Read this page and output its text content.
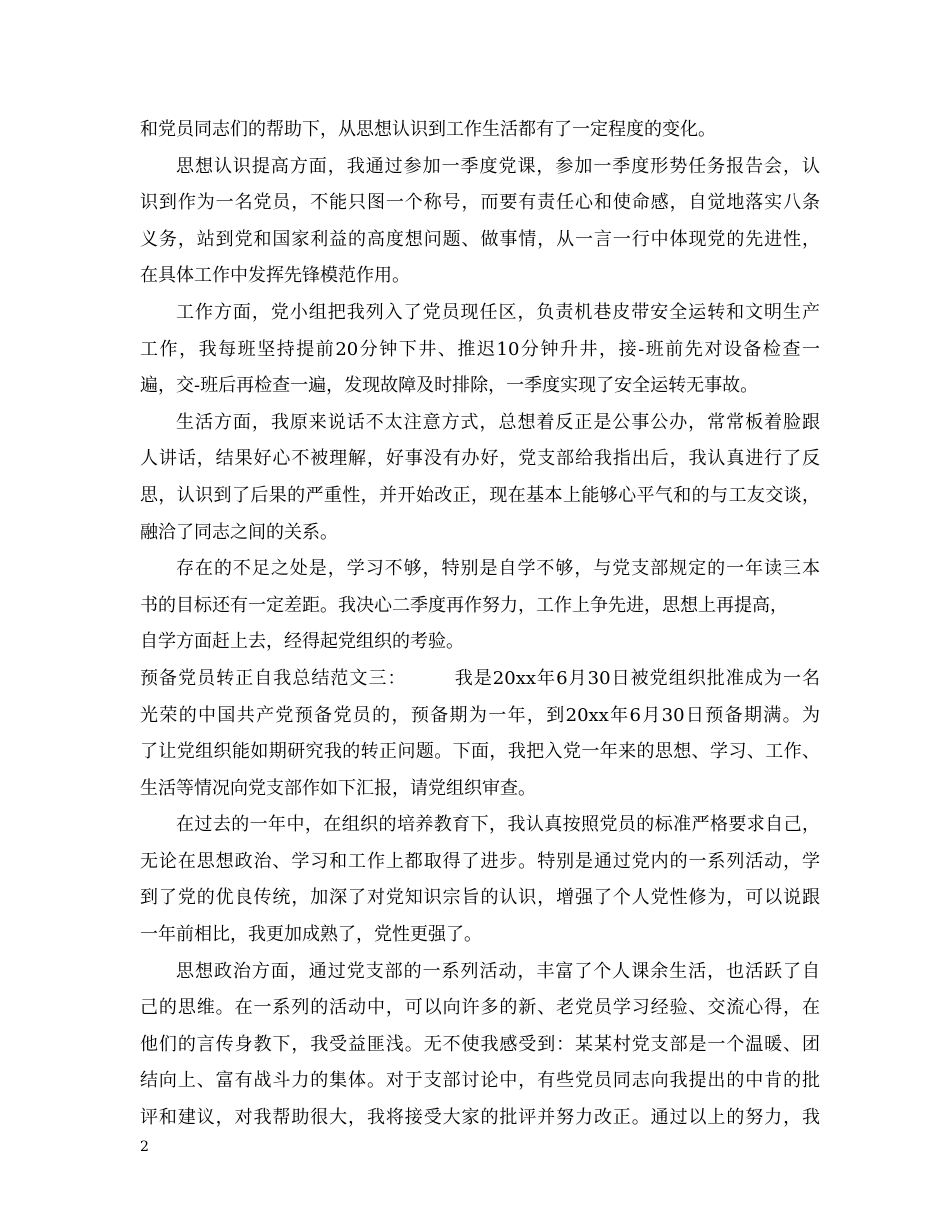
和党员同志们的帮助下，从思想认识到工作生活都有了一定程度的变化。
思想认识提高方面，我通过参加一季度党课，参加一季度形势任务报告会，认
识到作为一名党员，不能只图一个称号，而要有责任心和使命感，自觉地落实八条
义务，站到党和国家利益的高度想问题、做事情，从一言一行中体现党的先进性，
在具体工作中发挥先锋模范作用。
工作方面，党小组把我列入了党员现任区，负责机巷皮带安全运转和文明生产
工作，我每班坚持提前20分钟下井、推迟10分钟升井，接-班前先对设备检查一
遍，交-班后再检查一遍，发现故障及时排除，一季度实现了安全运转无事故。
生活方面，我原来说话不太注意方式，总想着反正是公事公办，常常板着脸跟
人讲话，结果好心不被理解，好事没有办好，党支部给我指出后，我认真进行了反
思，认识到了后果的严重性，并开始改正，现在基本上能够心平气和的与工友交谈，
融洽了同志之间的关系。
存在的不足之处是，学习不够，特别是自学不够，与党支部规定的一年读三本
书的目标还有一定差距。我决心二季度再作努力，工作上争先进，思想上再提高，
自学方面赶上去，经得起党组织的考验。
预备党员转正自我总结范文三：　　　我是20xx年6月30日被党组织批准成为一名
光荣的中国共产党预备党员的，预备期为一年，到20xx年6月30日预备期满。为
了让党组织能如期研究我的转正问题。下面，我把入党一年来的思想、学习、工作、
生活等情况向党支部作如下汇报，请党组织审查。
在过去的一年中，在组织的培养教育下，我认真按照党员的标准严格要求自己，
无论在思想政治、学习和工作上都取得了进步。特别是通过党内的一系列活动，学
到了党的优良传统，加深了对党知识宗旨的认识，增强了个人党性修为，可以说跟
一年前相比，我更加成熟了，党性更强了。
思想政治方面，通过党支部的一系列活动，丰富了个人课余生活，也活跃了自
己的思维。在一系列的活动中，可以向许多的新、老党员学习经验、交流心得，在
他们的言传身教下，我受益匪浅。无不使我感受到：某某村党支部是一个温暖、团
结向上、富有战斗力的集体。对于支部讨论中，有些党员同志向我提出的中肯的批
评和建议，对我帮助很大，我将接受大家的批评并努力改正。通过以上的努力，我
2
